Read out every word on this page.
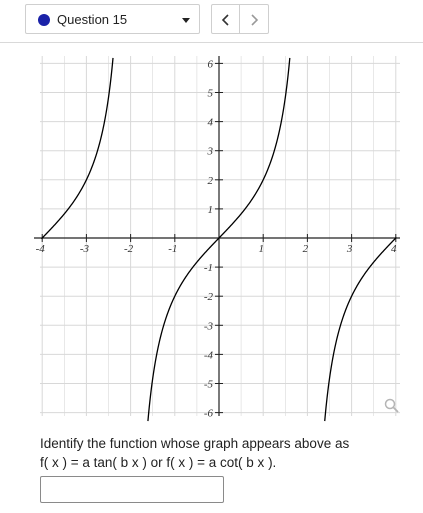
Question 15
-4	-3	-2	-1	1	2	3	4
6
5
4
3
2
1
-1
-2
-3
-4
-5
-6
Identify the function whose graph appears above as
f( x ) = a tan( b x ) or f( x ) = a cot( b x ).
